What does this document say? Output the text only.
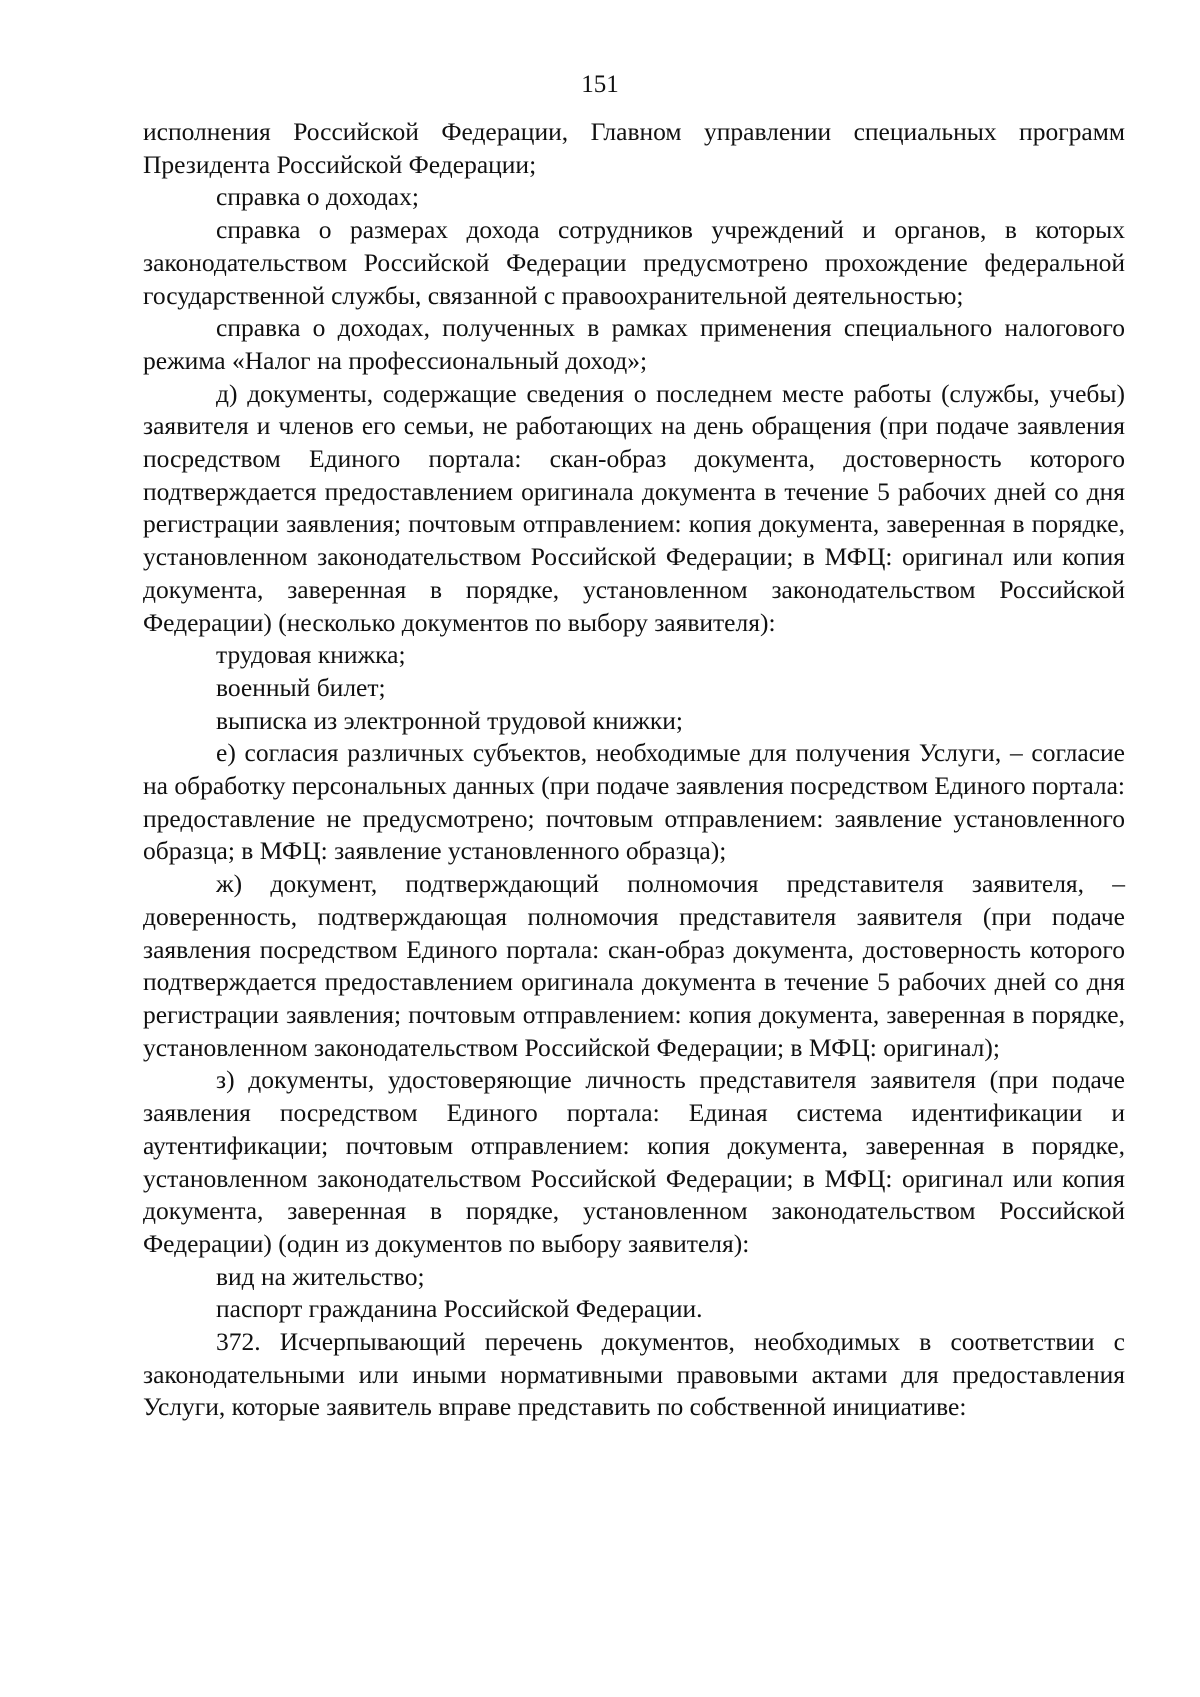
151

исполнения Российской Федерации, Главном управлении специальных программ Президента Российской Федерации;

справка о доходах;

справка о размерах дохода сотрудников учреждений и органов, в которых законодательством Российской Федерации предусмотрено прохождение федеральной государственной службы, связанной с правоохранительной деятельностью;

справка о доходах, полученных в рамках применения специального налогового режима «Налог на профессиональный доход»;

д) документы, содержащие сведения о последнем месте работы (службы, учебы) заявителя и членов его семьи, не работающих на день обращения (при подаче заявления посредством Единого портала: скан-образ документа, достоверность которого подтверждается предоставлением оригинала документа в течение 5 рабочих дней со дня регистрации заявления; почтовым отправлением: копия документа, заверенная в порядке, установленном законодательством Российской Федерации; в МФЦ: оригинал или копия документа, заверенная в порядке, установленном законодательством Российской Федерации) (несколько документов по выбору заявителя):

трудовая книжка;

военный билет;

выписка из электронной трудовой книжки;

е) согласия различных субъектов, необходимые для получения Услуги, – согласие на обработку персональных данных (при подаче заявления посредством Единого портала: предоставление не предусмотрено; почтовым отправлением: заявление установленного образца; в МФЦ: заявление установленного образца);

ж) документ, подтверждающий полномочия представителя заявителя, – доверенность, подтверждающая полномочия представителя заявителя (при подаче заявления посредством Единого портала: скан-образ документа, достоверность которого подтверждается предоставлением оригинала документа в течение 5 рабочих дней со дня регистрации заявления; почтовым отправлением: копия документа, заверенная в порядке, установленном законодательством Российской Федерации; в МФЦ: оригинал);

з) документы, удостоверяющие личность представителя заявителя (при подаче заявления посредством Единого портала: Единая система идентификации и аутентификации; почтовым отправлением: копия документа, заверенная в порядке, установленном законодательством Российской Федерации; в МФЦ: оригинал или копия документа, заверенная в порядке, установленном законодательством Российской Федерации) (один из документов по выбору заявителя):

вид на жительство;

паспорт гражданина Российской Федерации.

372. Исчерпывающий перечень документов, необходимых в соответствии с законодательными или иными нормативными правовыми актами для предоставления Услуги, которые заявитель вправе представить по собственной инициативе:
